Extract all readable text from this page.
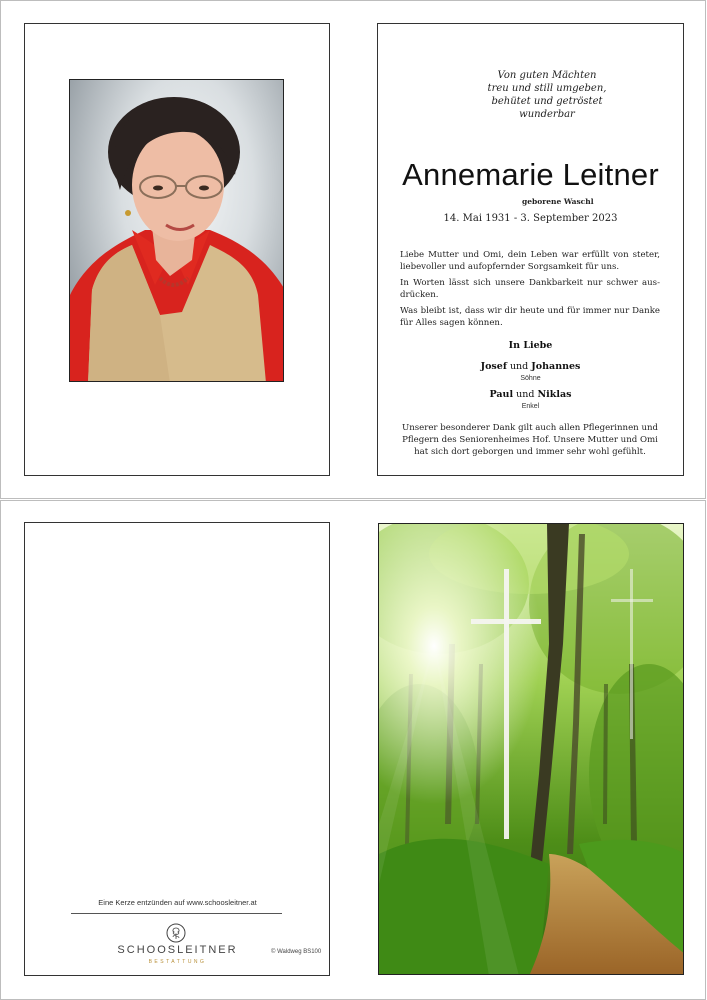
Von guten Mächten
treu und still umgeben,
behütet und getröstet
wunderbar
Annemarie Leitner
geborene Waschl
14. Mai 1931 - 3. September 2023

Liebe Mutter und Omi, dein Leben war erfüllt von steter, liebevoller und aufopfernder Sorgsamkeit für uns.

In Worten lässt sich unsere Dankbarkeit nur schwer aus-drücken.

Was bleibt ist, dass wir dir heute und für immer nur Danke für Alles sagen können.

In Liebe
Josef und Johannes
Söhne
Paul und Niklas
Enkel
Unserer besonderer Dank gilt auch allen Pflegerinnen und Pflegern des Seniorenheimes Hof. Unsere Mutter und Omi hat sich dort geborgen und immer sehr wohl gefühlt.
Eine Kerze entzünden auf www.schoosleitner.at
SCHOOSLEITNER
BESTATTUNG
© Waldweg BS100
